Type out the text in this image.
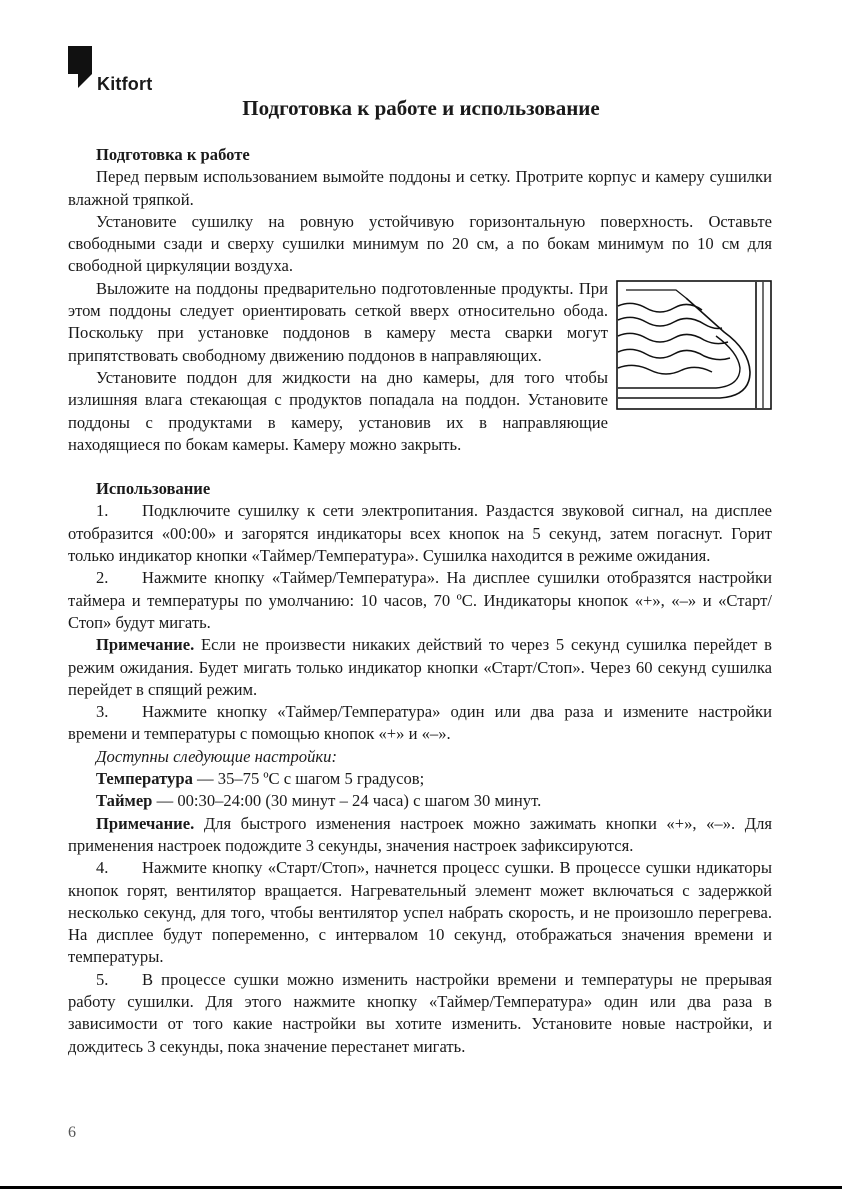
Kitfort
Подготовка к работе и использование

Подготовка к работе

Перед первым использованием вымойте поддоны и сетку. Протрите корпус и камеру сушилки влажной тряпкой.

Установите сушилку на ровную устойчивую горизонтальную поверхность. Оставьте свободными сзади и сверху сушилки минимум по 20 см, а по бокам минимум по 10 см для свободной циркуляции воздуха.

Выложите на поддоны предварительно подготовленные продукты. При этом поддоны следует ориентировать сеткой вверх относительно обода. Поскольку при установке поддонов в камеру места сварки могут припятствовать свободному движению поддонов в направляющих.

Установите поддон для жидкости на дно камеры, для того чтобы излишняя влага стекающая с продуктов попадала на поддон. Установите поддоны с продуктами в камеру, установив их в направляющие находящиеся по бокам камеры. Камеру можно закрыть.

Использование

1. Подключите сушилку к сети электропитания. Раздастся звуковой сигнал, на дисплее отобразится «00:00» и загорятся индикаторы всех кнопок на 5 секунд, затем погаснут. Горит только индикатор кнопки «Таймер/Температура». Сушилка находится в режиме ожидания.

2. Нажмите кнопку «Таймер/Температура». На дисплее сушилки отобразятся настройки таймера и температуры по умолчанию: 10 часов, 70 ºС. Индикаторы кнопок «+», «–» и «Старт/Стоп» будут мигать.

Примечание. Если не произвести никаких действий то через 5 секунд сушилка перейдет в режим ожидания. Будет мигать только индикатор кнопки «Старт/Стоп». Через 60 секунд сушилка перейдет в спящий режим.

3. Нажмите кнопку «Таймер/Температура» один или два раза и измените настройки времени и температуры с помощью кнопок «+» и «–».

Доступны следующие настройки:

Температура — 35–75 ºС с шагом 5 градусов;

Таймер — 00:30–24:00 (30 минут – 24 часа) с шагом 30 минут.

Примечание. Для быстрого изменения настроек можно зажимать кнопки «+», «–». Для применения настроек подождите 3 секунды, значения настроек зафиксируются.

4. Нажмите кнопку «Старт/Стоп», начнется процесс сушки. В процессе сушки ндикаторы кнопок горят, вентилятор вращается. Нагревательный элемент может включаться с задержкой несколько секунд, для того, чтобы вентилятор успел набрать скорость, и не произошло перегрева. На дисплее будут попеременно, с интервалом 10 секунд, отображаться значения времени и температуры.

5. В процессе сушки можно изменить настройки времени и температуры не прерывая работу сушилки. Для этого нажмите кнопку «Таймер/Температура» один или два раза в зависимости от того какие настройки вы хотите изменить. Установите новые настройки, и дождитесь 3 секунды, пока значение перестанет мигать.

6
